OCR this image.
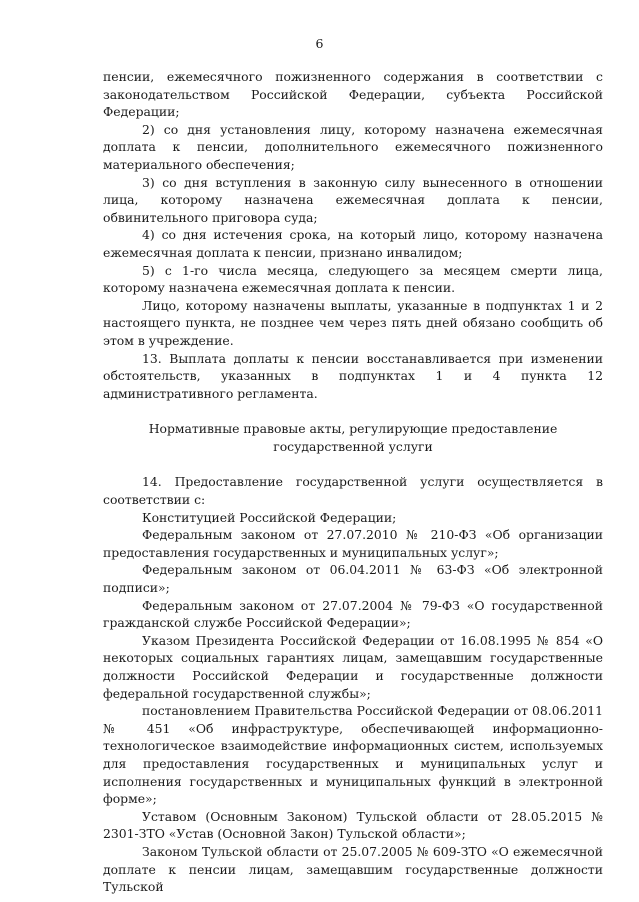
6

пенсии, ежемесячного пожизненного содержания в соответствии с законодательством Российской Федерации, субъекта Российской Федерации;

2) со дня установления лицу, которому назначена ежемесячная доплата к пенсии, дополнительного ежемесячного пожизненного материального обеспечения;

3) со дня вступления в законную силу вынесенного в отношении лица, которому назначена ежемесячная доплата к пенсии, обвинительного приговора суда;

4) со дня истечения срока, на который лицо, которому назначена ежемесячная доплата к пенсии, признано инвалидом;

5) с 1-го числа месяца, следующего за месяцем смерти лица, которому назначена ежемесячная доплата к пенсии.

Лицо, которому назначены выплаты, указанные в подпунктах 1 и 2 настоящего пункта, не позднее чем через пять дней обязано сообщить об этом в учреждение.

13. Выплата доплаты к пенсии восстанавливается при изменении обстоятельств, указанных в подпунктах 1 и 4 пункта 12 административного регламента.

Нормативные правовые акты, регулирующие предоставление
государственной услуги

14. Предоставление государственной услуги осуществляется в соответствии с:

Конституцией Российской Федерации;

Федеральным законом от 27.07.2010 № 210-ФЗ «Об организации предоставления государственных и муниципальных услуг»;

Федеральным законом от 06.04.2011 № 63-ФЗ «Об электронной подписи»;

Федеральным законом от 27.07.2004 № 79-ФЗ «О государственной гражданской службе Российской Федерации»;

Указом Президента Российской Федерации от 16.08.1995 № 854 «О некоторых социальных гарантиях лицам, замещавшим государственные должности Российской Федерации и государственные должности федеральной государственной службы»;

постановлением Правительства Российской Федерации от 08.06.2011 № 451 «Об инфраструктуре, обеспечивающей информационно-технологическое взаимодействие информационных систем, используемых для предоставления государственных и муниципальных услуг и исполнения государственных и муниципальных функций в электронной форме»;

Уставом (Основным Законом) Тульской области от 28.05.2015 № 2301-ЗТО «Устав (Основной Закон) Тульской области»;

Законом Тульской области от 25.07.2005 № 609-ЗТО «О ежемесячной доплате к пенсии лицам, замещавшим государственные должности Тульской
